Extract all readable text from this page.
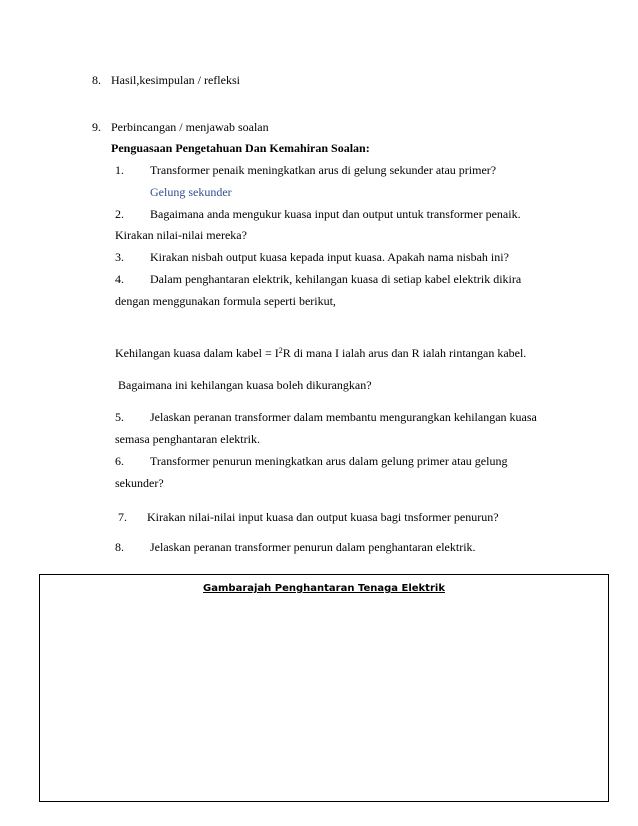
8. Hasil,kesimpulan / refleksi
9. Perbincangan / menjawab soalan
Penguasaan Pengetahuan Dan Kemahiran Soalan:
1. Transformer penaik meningkatkan arus di gelung sekunder atau primer?
Gelung sekunder
2. Bagaimana anda mengukur kuasa input dan output untuk transformer penaik.
Kirakan nilai-nilai mereka?
3. Kirakan nisbah output kuasa kepada input kuasa. Apakah nama nisbah ini?
4. Dalam penghantaran elektrik, kehilangan kuasa di setiap kabel elektrik dikira
dengan menggunakan formula seperti berikut,
Kehilangan kuasa dalam kabel = $I^2R$ di mana I ialah arus dan R ialah rintangan kabel.
Bagaimana ini kehilangan kuasa boleh dikurangkan?
5. Jelaskan peranan transformer dalam membantu mengurangkan kehilangan kuasa
semasa penghantaran elektrik.
6. Transformer penurun meningkatkan arus dalam gelung primer atau gelung
sekunder?
7. Kirakan nilai-nilai input kuasa dan output kuasa bagi tnsformer penurun?
8. Jelaskan peranan transformer penurun dalam penghantaran elektrik.
Gambarajah Penghantaran Tenaga Elektrik
